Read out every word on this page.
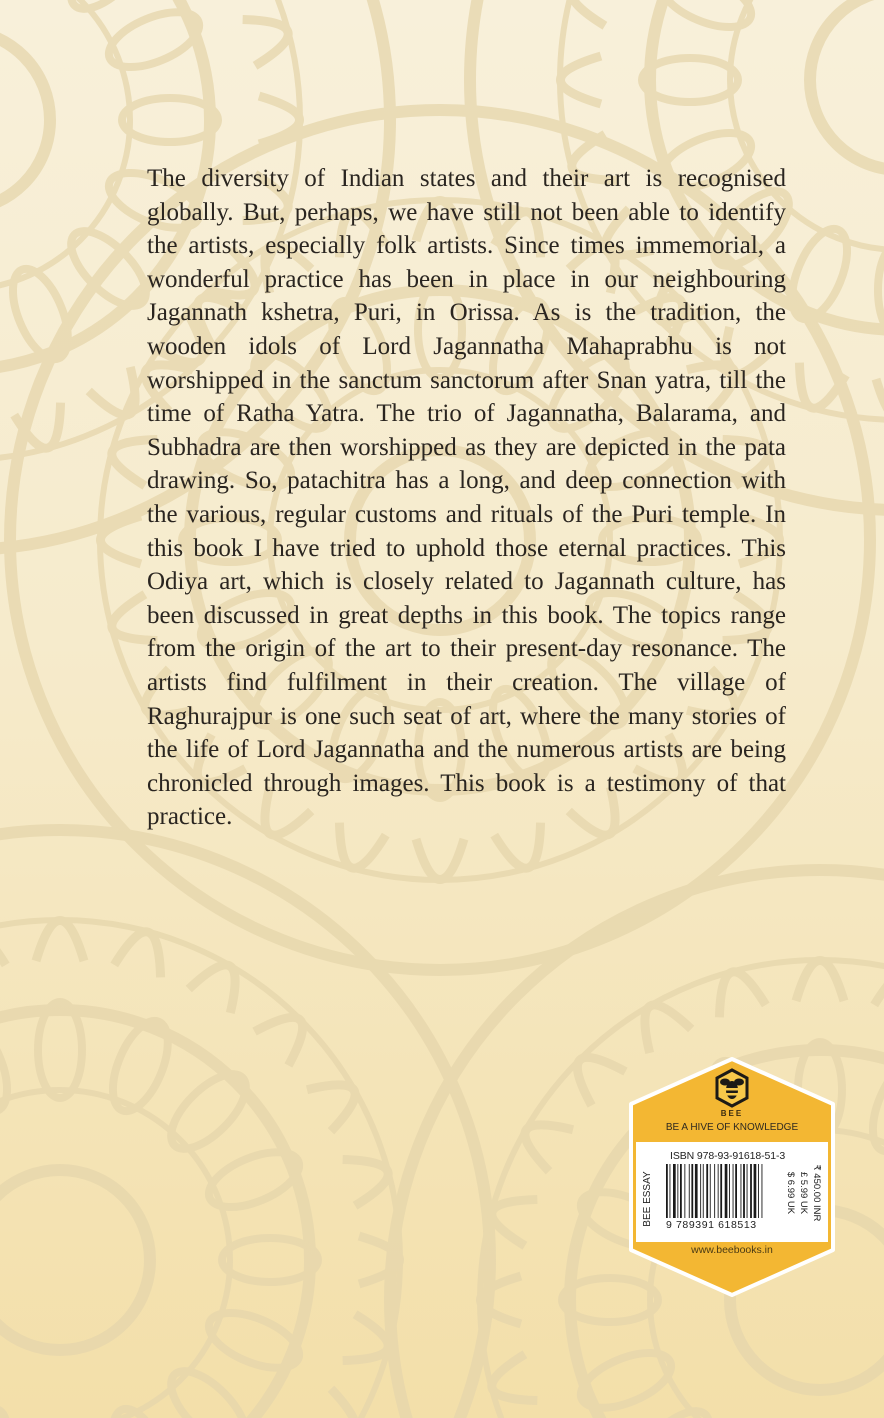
The diversity of Indian states and their art is recognised globally. But, perhaps, we have still not been able to identify the artists, especially folk artists. Since times immemorial, a wonderful practice has been in place in our neighbouring Jagannath kshetra, Puri, in Orissa. As is the tradition, the wooden idols of Lord Jagannatha Mahaprabhu is not worshipped in the sanctum sanctorum after Snan yatra, till the time of Ratha Yatra. The trio of Jagannatha, Balarama, and Subhadra are then worshipped as they are depicted in the pata drawing. So, patachitra has a long, and deep connection with the various, regular customs and rituals of the Puri temple. In this book I have tried to uphold those eternal practices. This Odiya art, which is closely related to Jagannath culture, has been discussed in great depths in this book. The topics range from the origin of the art to their present-day resonance. The artists find fulfilment in their creation. The village of Raghurajpur is one such seat of art, where the many stories of the life of Lord Jagannatha and the numerous artists are being chronicled through images. This book is a testimony of that practice.

BEE
BE A HIVE OF KNOWLEDGE
BEE ESSAY
ISBN 978-93-91618-51-3
9 789391 618513
₹ 450.00 INR
£ 5.99 UK
$ 6.99 UK
www.beebooks.in
